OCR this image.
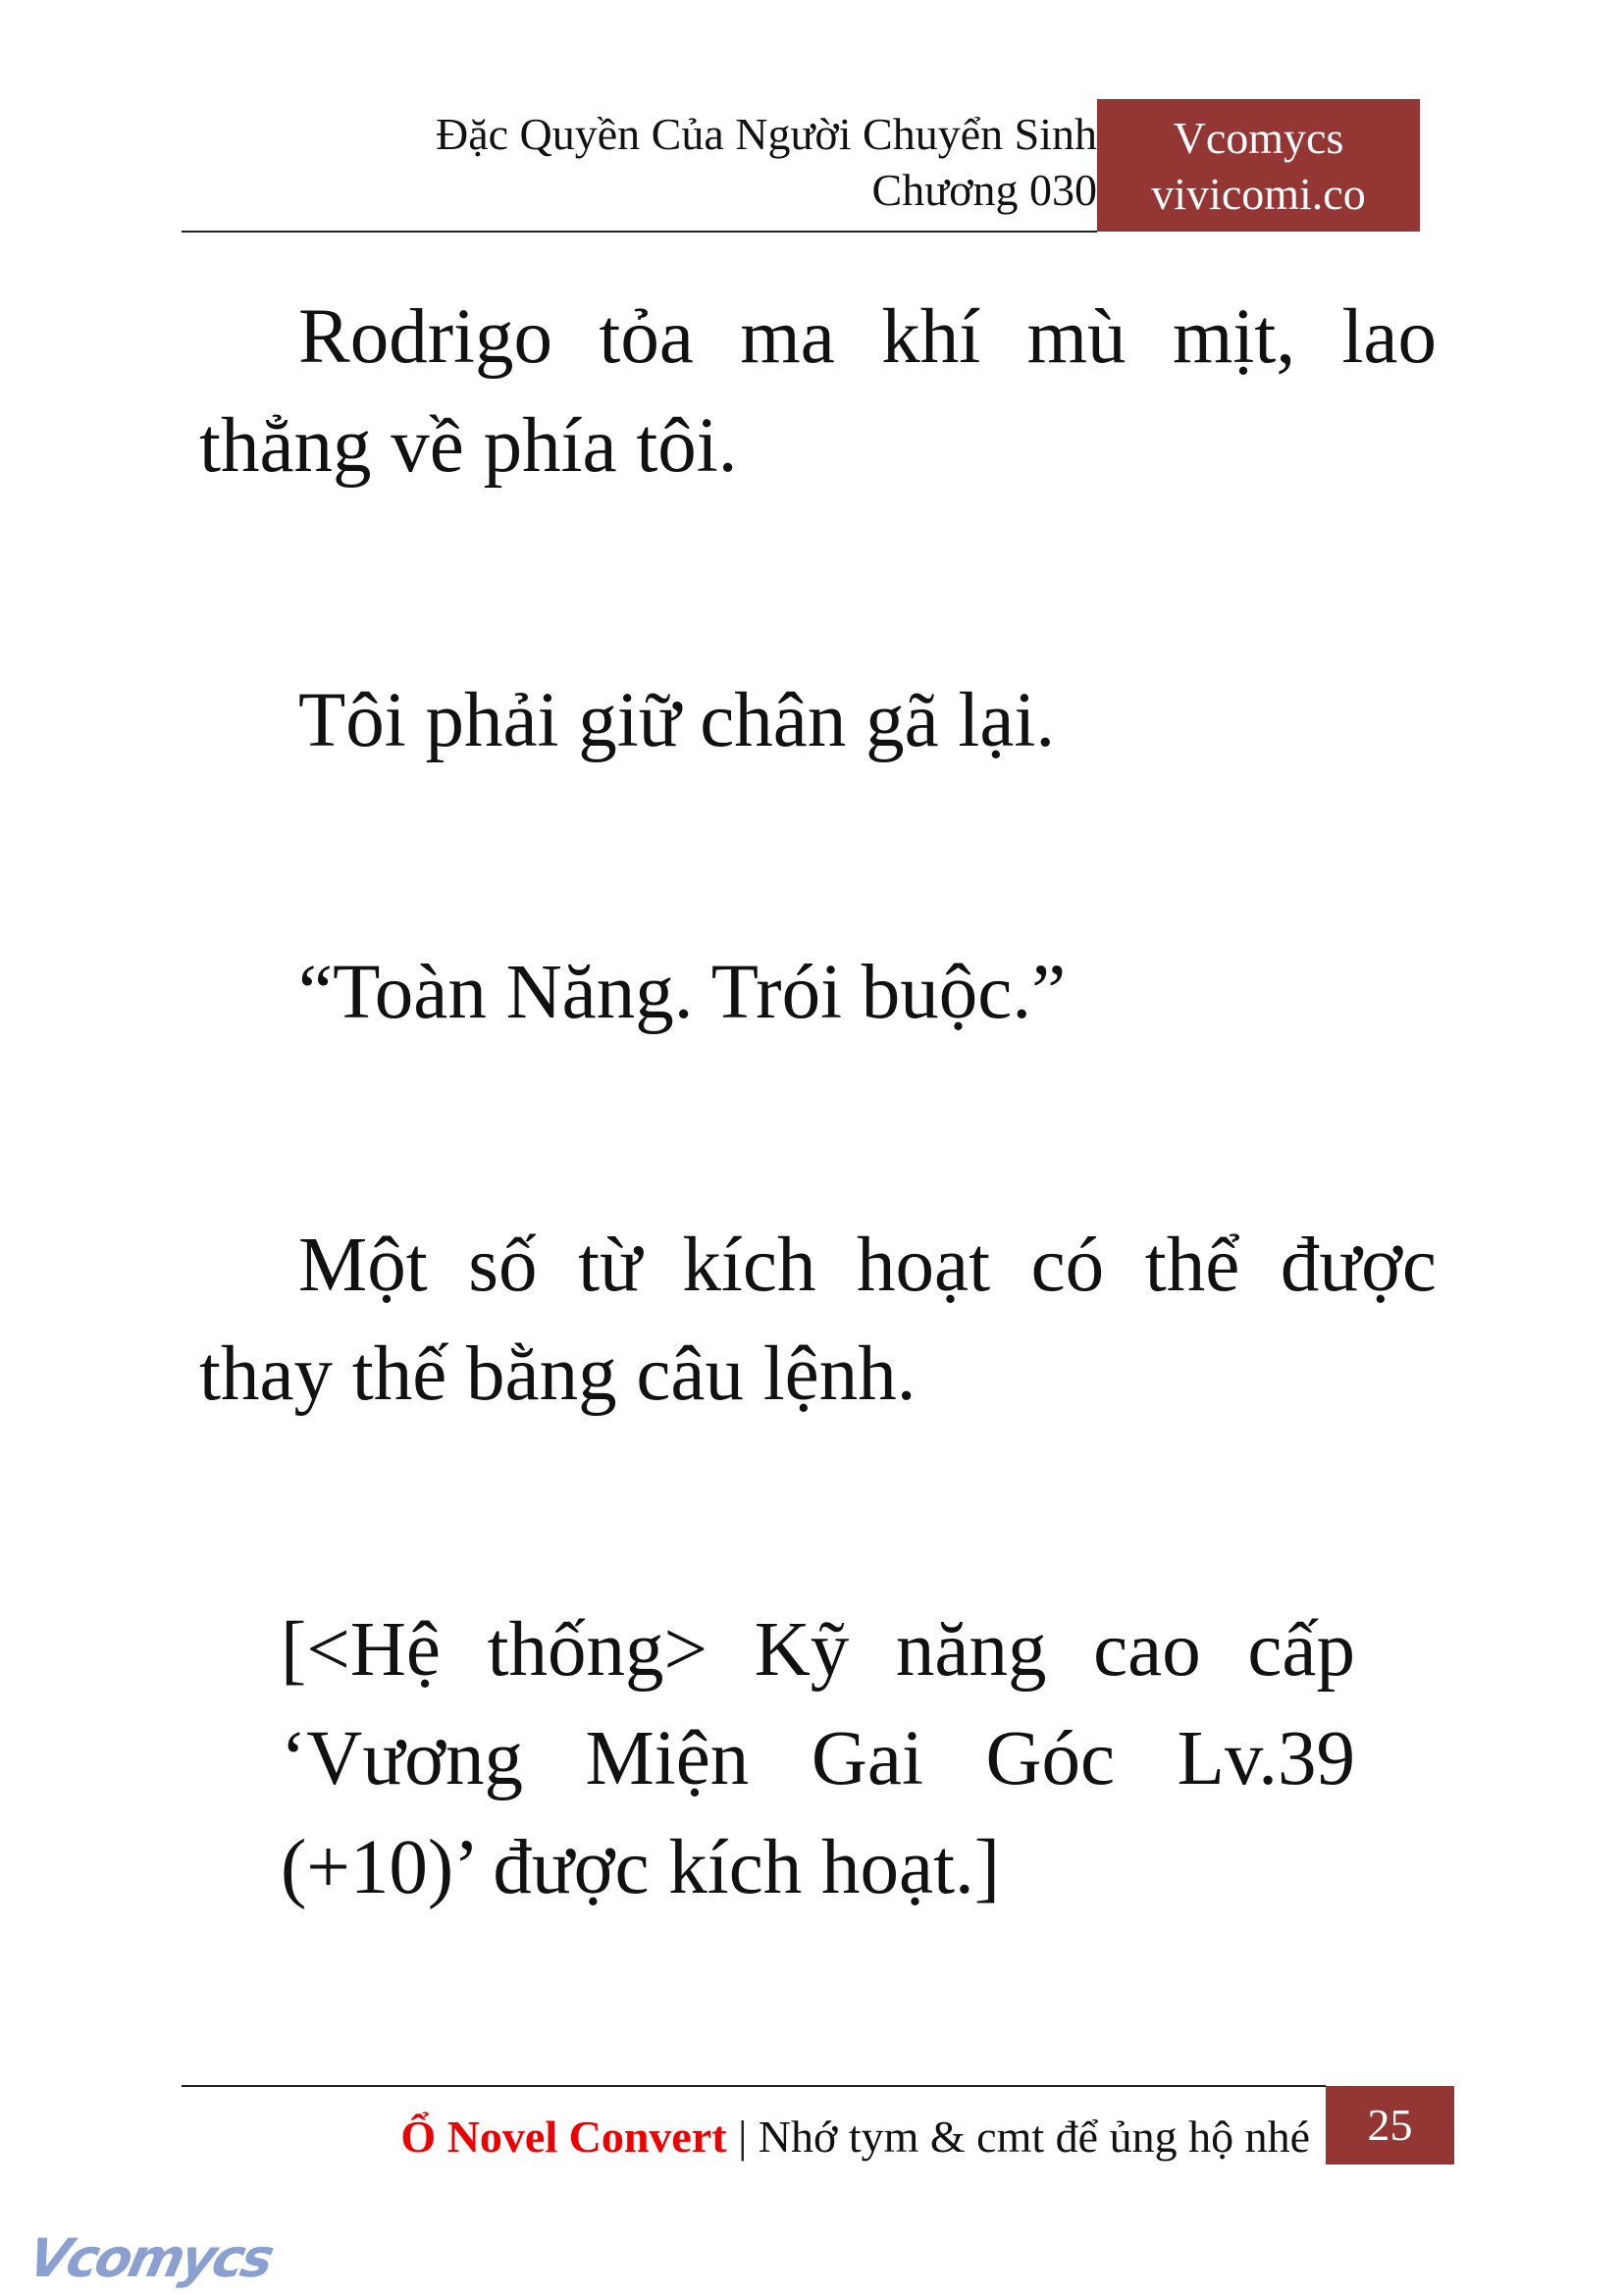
Đặc Quyền Của Người Chuyển Sinh
Chương 030
Vcomycs
vivicomi.co
Rodrigo tỏa ma khí mù mịt, lao thẳng về phía tôi.
Tôi phải giữ chân gã lại.
“Toàn Năng. Trói buộc.”
Một số từ kích hoạt có thể được thay thế bằng câu lệnh.
[<Hệ thống> Kỹ năng cao cấp ‘Vương Miện Gai Góc Lv.39 (+10)’ được kích hoạt.]
Ổ Novel Convert | Nhớ tym & cmt để ủng hộ nhé	25
Vcomycs
